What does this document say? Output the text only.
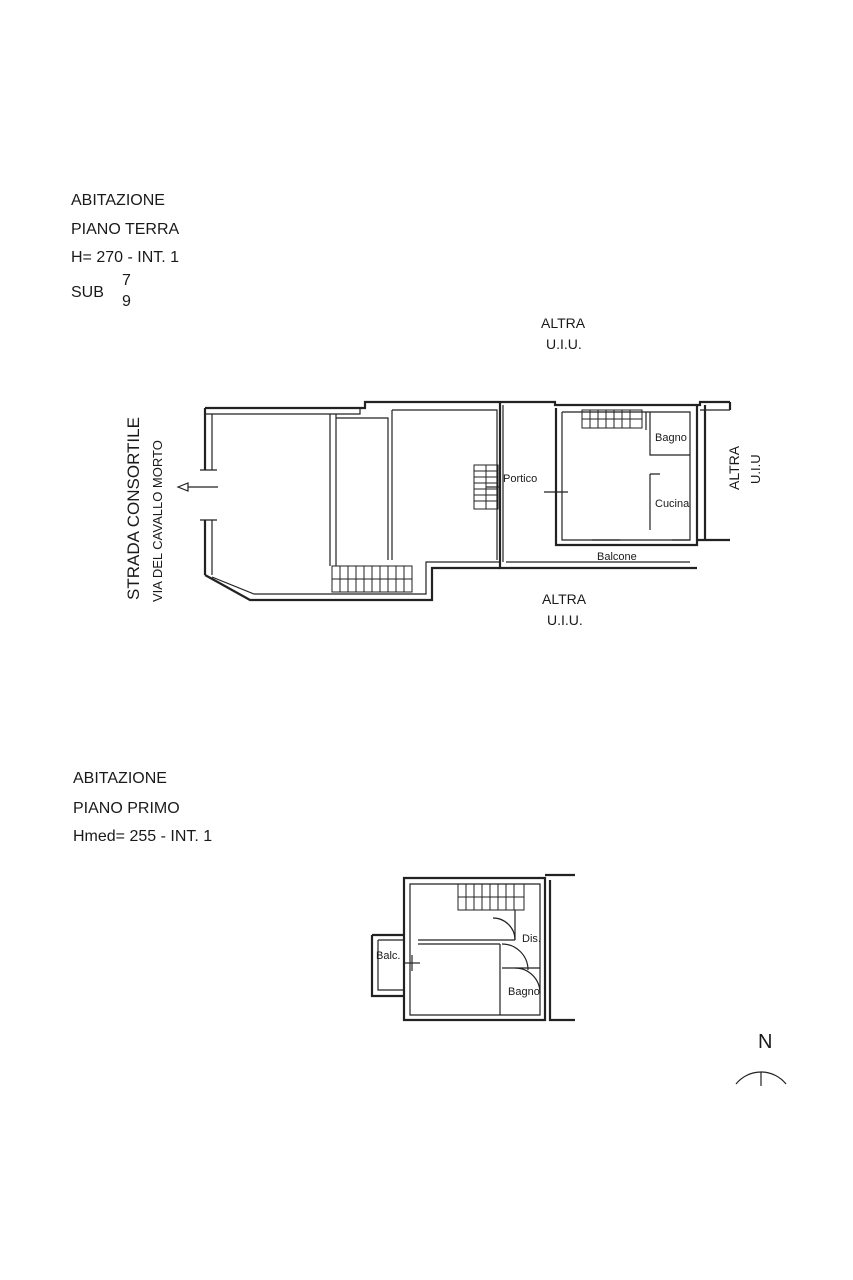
ABITAZIONE
PIANO TERRA
H= 270 - INT. 1
SUB
7
9
ALTRA
U.I.U.
ALTRA
U.I.U.
STRADA CONSORTILE VIA DEL CAVALLO MORTO	ALTRA U.I.U
Portico
Bagno
Cucina
Balcone
ABITAZIONE
PIANO PRIMO
Hmed= 255 - INT. 1
Balc.
Dis.
Bagno
N
